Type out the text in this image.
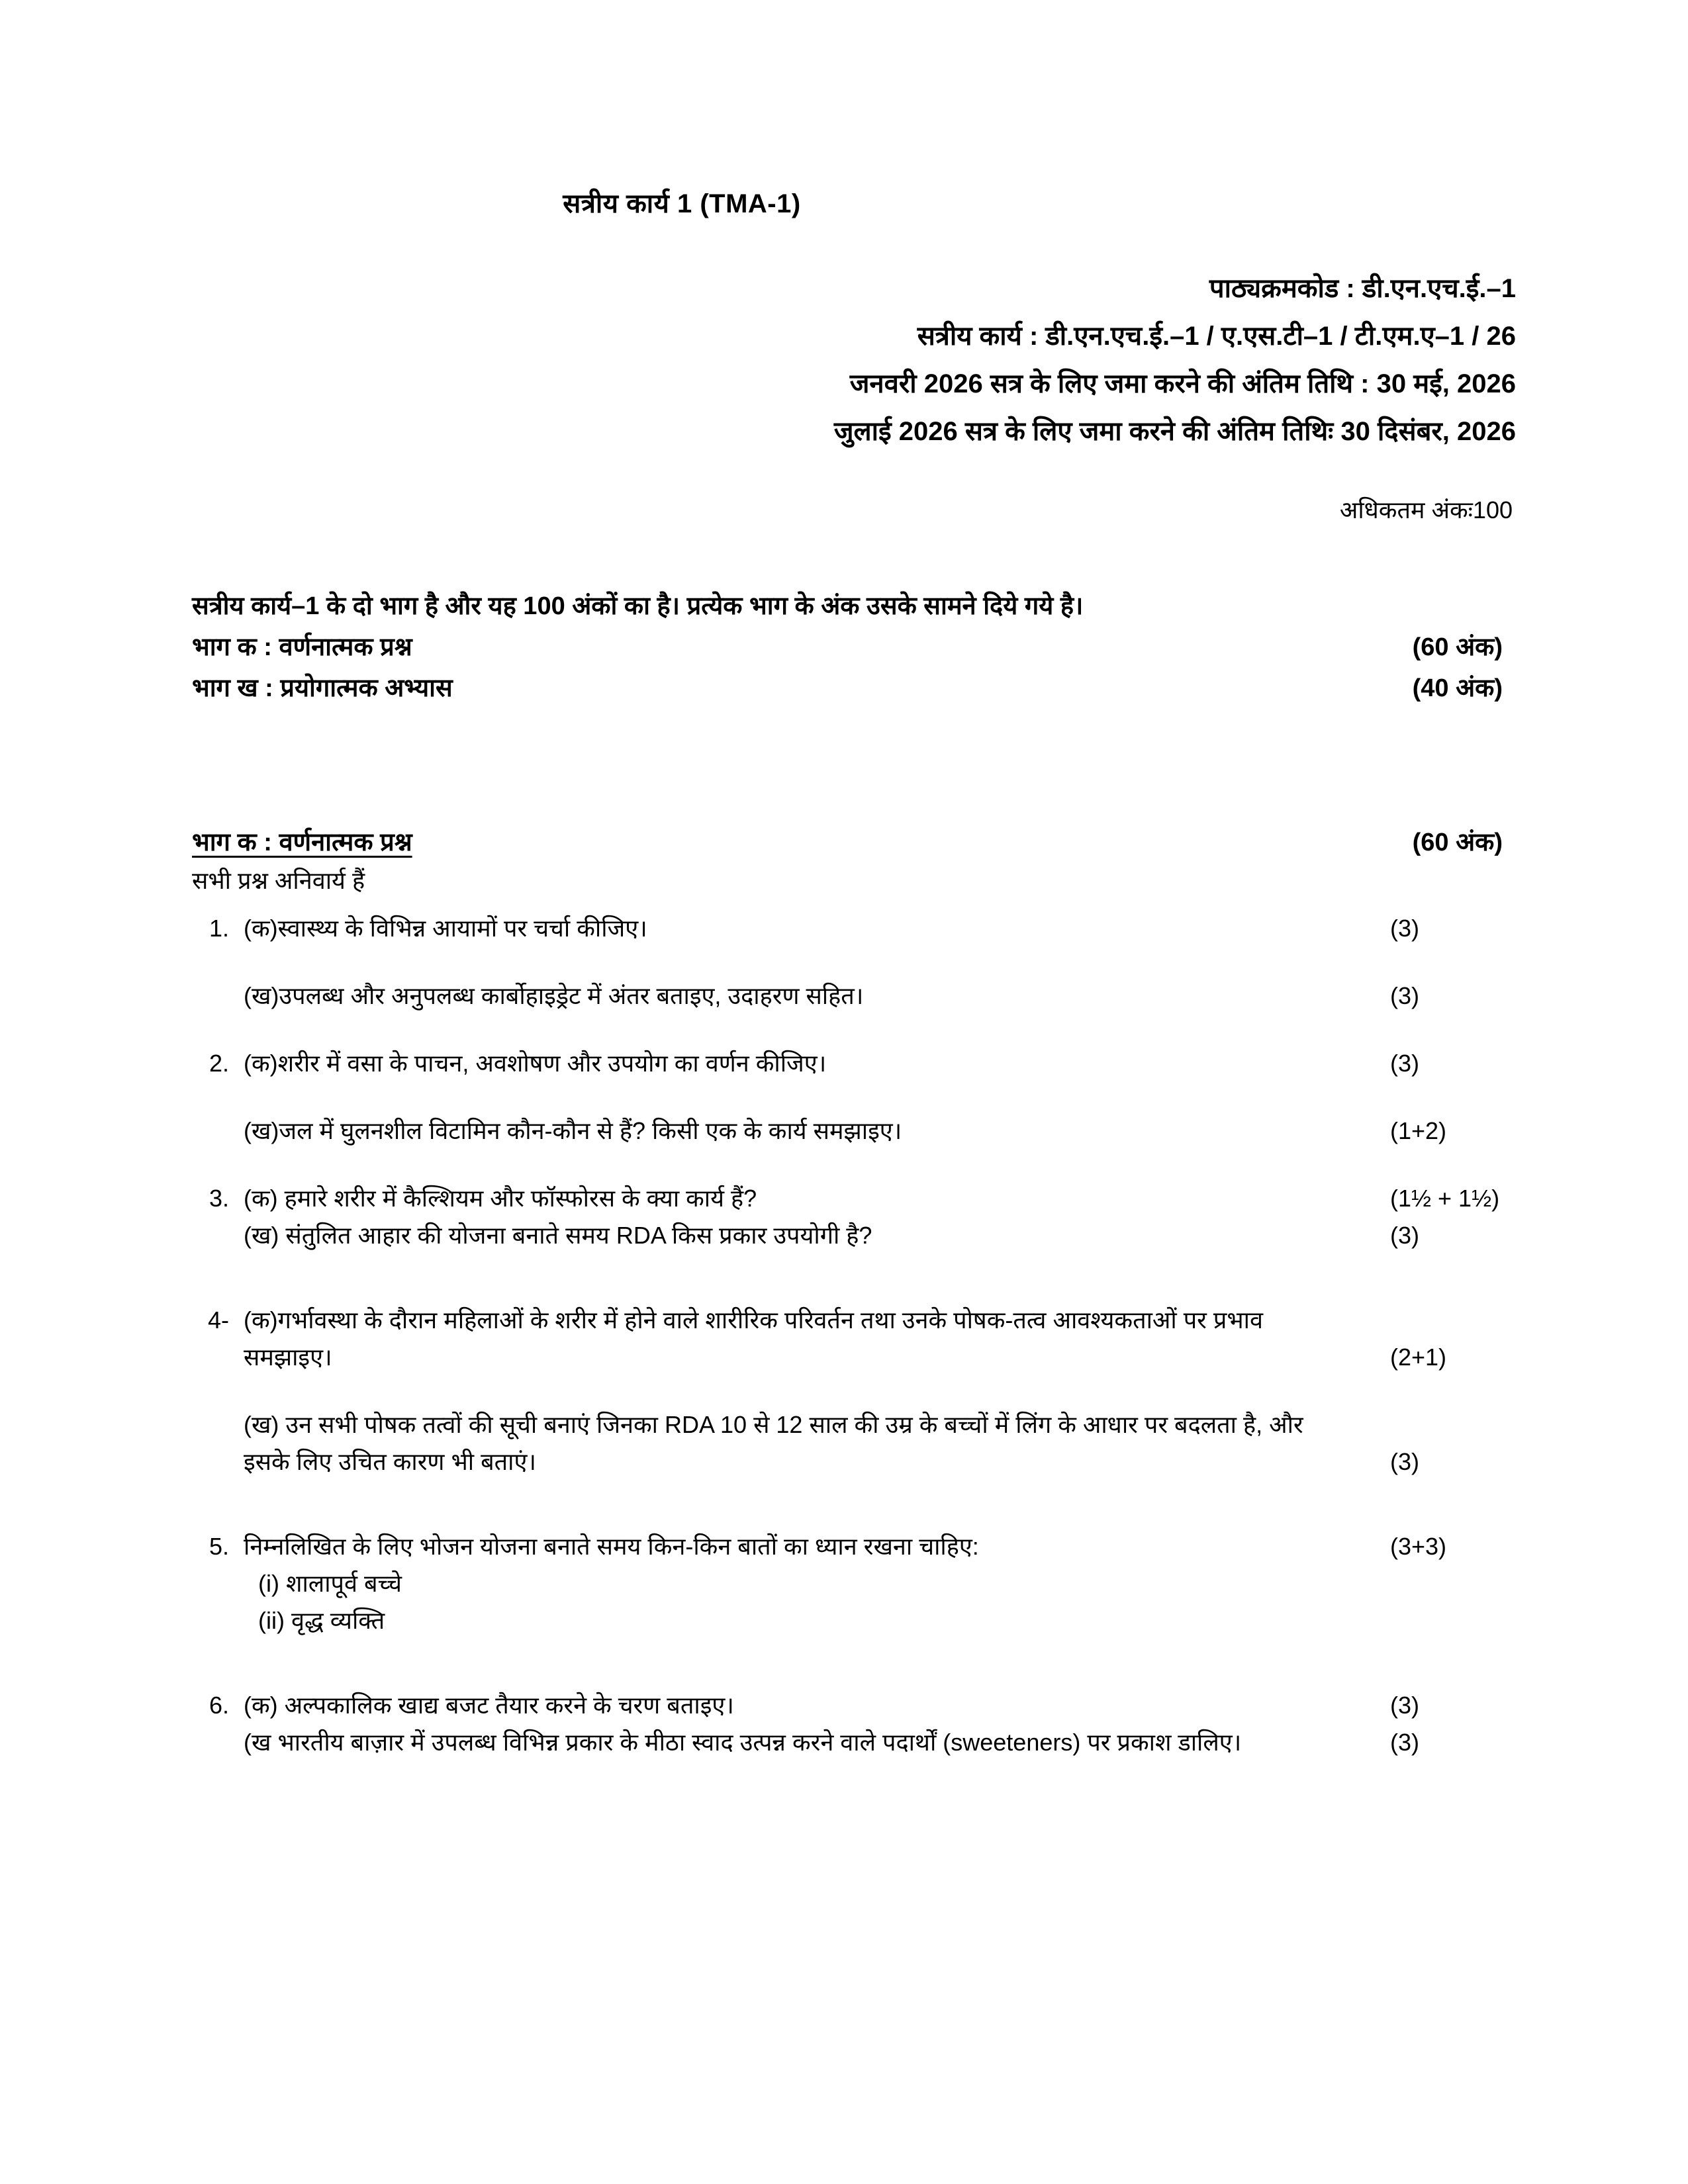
सत्रीय कार्य 1 (TMA-1)
पाठ्यक्रमकोड : डी.एन.एच.ई.–1
सत्रीय कार्य : डी.एन.एच.ई.–1 / ए.एस.टी–1 / टी.एम.ए–1 / 26
जनवरी 2026 सत्र के लिए जमा करने की अंतिम तिथि : 30 मई, 2026
जुलाई 2026 सत्र के लिए जमा करने की अंतिम तिथिः 30 दिसंबर, 2026
अधिकतम अंकः100
सत्रीय कार्य–1 के दो भाग है और यह 100 अंकों का है। प्रत्येक भाग के अंक उसके सामने दिये गये है।
भाग क : वर्णनात्मक प्रश्न	(60 अंक)
भाग ख : प्रयोगात्मक अभ्यास	(40 अंक)
भाग क : वर्णनात्मक प्रश्न	(60 अंक)
सभी प्रश्न अनिवार्य हैं
1. (क)स्वास्थ्य के विभिन्न आयामों पर चर्चा कीजिए।	(3)
(ख)उपलब्ध और अनुपलब्ध कार्बोहाइड्रेट में अंतर बताइए, उदाहरण सहित।	(3)
2. (क)शरीर में वसा के पाचन, अवशोषण और उपयोग का वर्णन कीजिए।	(3)
(ख)जल में घुलनशील विटामिन कौन-कौन से हैं? किसी एक के कार्य समझाइए।	(1+2)
3. (क) हमारे शरीर में कैल्शियम और फॉस्फोरस के क्या कार्य हैं?	(1½ + 1½)
(ख) संतुलित आहार की योजना बनाते समय RDA किस प्रकार उपयोगी है?	(3)
4- (क)गर्भावस्था के दौरान महिलाओं के शरीर में होने वाले शारीरिक परिवर्तन तथा उनके पोषक-तत्व आवश्यकताओं पर प्रभाव समझाइए।	(2+1)
(ख) उन सभी पोषक तत्वों की सूची बनाएं जिनका RDA 10 से 12 साल की उम्र के बच्चों में लिंग के आधार पर बदलता है, और इसके लिए उचित कारण भी बताएं।	(3)
5. निम्नलिखित के लिए भोजन योजना बनाते समय किन-किन बातों का ध्यान रखना चाहिए:	(3+3)
(i) शालापूर्व बच्चे
(ii) वृद्ध व्यक्ति
6. (क) अल्पकालिक खाद्य बजट तैयार करने के चरण बताइए।	(3)
(ख भारतीय बाज़ार में उपलब्ध विभिन्न प्रकार के मीठा स्वाद उत्पन्न करने वाले पदार्थों (sweeteners) पर प्रकाश डालिए।	(3)
